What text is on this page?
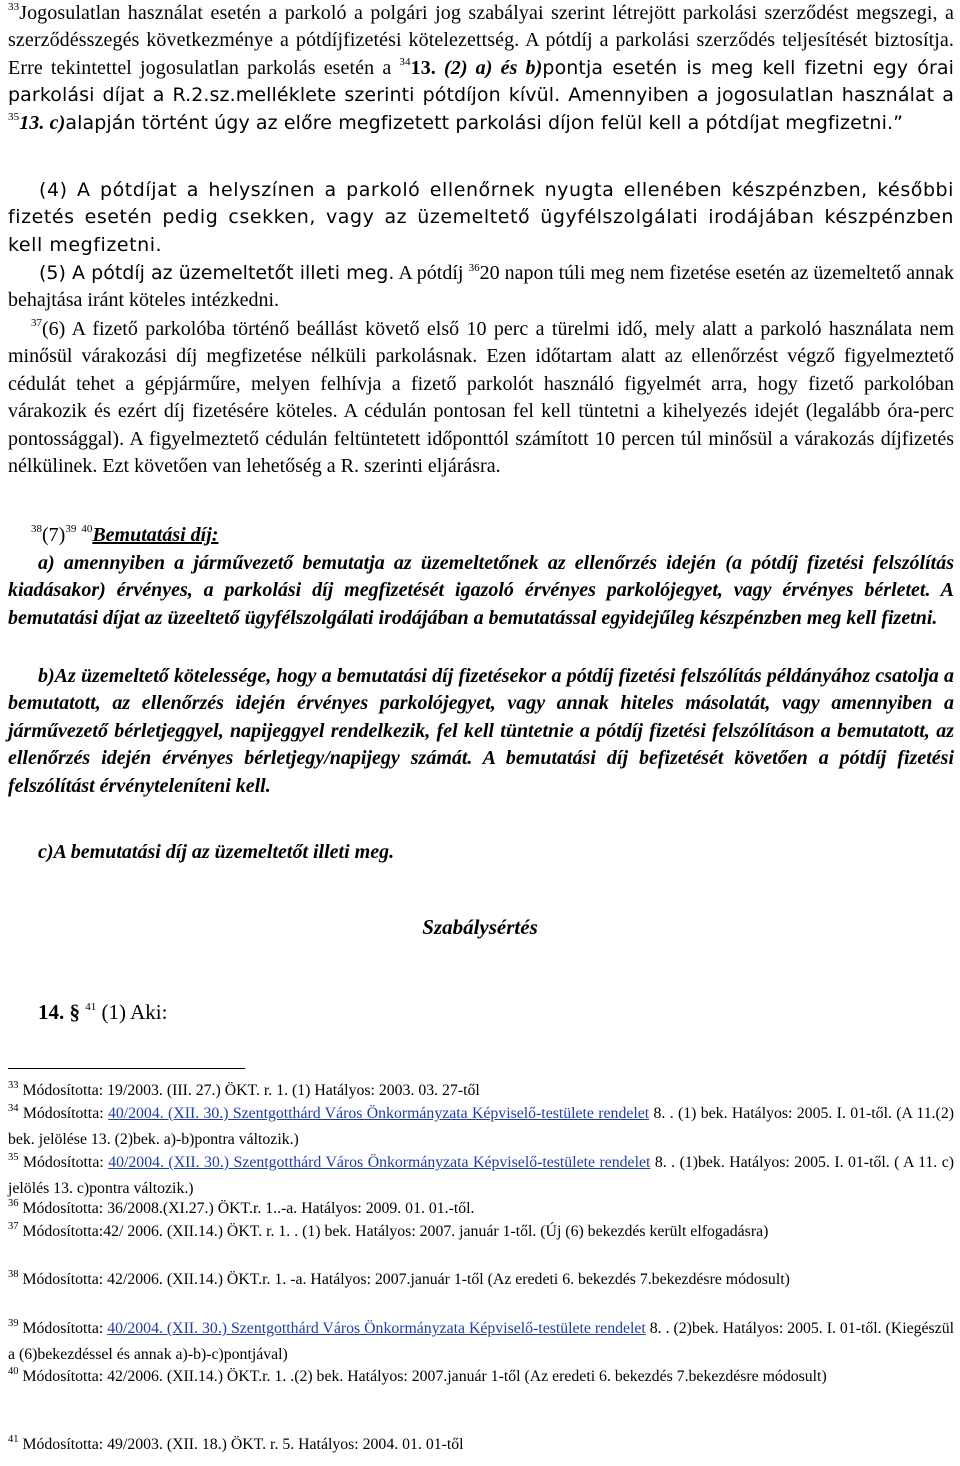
$^{33}$Jogosulatlan használat esetén a parkoló a polgári jog szabályai szerint létrejött parkolási szerződést megszegi, a szerződésszegés következménye a pótdíjfizetési kötelezettség. A pótdíj a parkolási szerződés teljesítését biztosítja. Erre tekintettel jogosulatlan parkolás esetén a $^{34}$13. (2) a) és b)pontja esetén is meg kell fizetni egy órai parkolási díjat a R.2.sz.melléklete szerinti pótdíjon kívül. Amennyiben a jogosulatlan használat a $^{35}$13. c)alapján történt úgy az előre megfizetett parkolási díjon felül kell a pótdíjat megfizetni.”
(4) A pótdíjat a helyszínen a parkoló ellenőrnek nyugta ellenében készpénzben, későbbi fizetés esetén pedig csekken, vagy az üzemeltető ügyfélszolgálati irodájában készpénzben kell megfizetni.
(5) A pótdíj az üzemeltetőt illeti meg. A pótdíj $^{36}$20 napon túli meg nem fizetése esetén az üzemeltető annak behajtása iránt köteles intézkedni.
$^{37}$(6) A fizető parkolóba történő beállást követő első 10 perc a türelmi idő, mely alatt a parkoló használata nem minősül várakozási díj megfizetése nélküli parkolásnak. Ezen időtartam alatt az ellenőrzést végző figyelmeztető cédulát tehet a gépjárműre, melyen felhívja a fizető parkolót használó figyelmét arra, hogy fizető parkolóban várakozik és ezért díj fizetésére köteles. A cédulán pontosan fel kell tüntetni a kihelyezés idejét (legalább óra-perc pontossággal). A figyelmeztető cédulán feltüntetett időponttól számított 10 percen túl minősül a várakozás díjfizetés nélkülinek. Ezt követően van lehetőség a R. szerinti eljárásra.
$^{38}(7)^{39}$ $^{40}$Bemutatási díj:
a) amennyiben a járművezető bemutatja az üzemeltetőnek az ellenőrzés idején (a pótdíj fizetési felszólítás kiadásakor) érvényes, a parkolási díj megfizetését igazoló érvényes parkolójegyet, vagy érvényes bérletet. A bemutatási díjat az üzeeltető ügyfélszolgálati irodájában a bemutatással egyidejűleg készpénzben meg kell fizetni.
b)Az üzemeltető kötelessége, hogy a bemutatási díj fizetésekor a pótdíj fizetési felszólítás példányához csatolja a bemutatott, az ellenőrzés idején érvényes parkolójegyet, vagy annak hiteles másolatát, vagy amennyiben a járművezető bérletjeggyel, napijeggyel rendelkezik, fel kell tüntetnie a pótdíj fizetési felszólításon a bemutatott, az ellenőrzés idején érvényes bérletjegy/napijegy számát. A bemutatási díj befizetését követően a pótdíj fizetési felszólítást érvényteleníteni kell.
c)A bemutatási díj az üzemeltetőt illeti meg.
Szabálysértés
14. § $^{41}$ (1) Aki:
$^{33}$ Módosította: 19/2003. (III. 27.) ÖKT. r. 1. (1) Hatályos: 2003. 03. 27-től
$^{34}$ Módosította: 40/2004. (XII. 30.) Szentgotthárd Város Önkormányzata Képviselő-testülete rendelet 8. . (1) bek. Hatályos: 2005. I. 01-től. (A 11.(2) bek. jelölése 13. (2)bek. a)-b)pontra változik.)
$^{35}$ Módosította: 40/2004. (XII. 30.) Szentgotthárd Város Önkormányzata Képviselő-testülete rendelet 8. . (1)bek. Hatályos: 2005. I. 01-től. ( A 11. c) jelölés 13. c)pontra változik.)
$^{36}$ Módosította: 36/2008.(XI.27.) ÖKT.r. 1..-a. Hatályos: 2009. 01. 01.-től.
$^{37}$ Módosította:42/ 2006. (XII.14.) ÖKT. r. 1. . (1) bek. Hatályos: 2007. január 1-től. (Új (6) bekezdés került elfogadásra)
$^{38}$ Módosította: 42/2006. (XII.14.) ÖKT.r. 1. -a. Hatályos: 2007.január 1-től (Az eredeti 6. bekezdés 7.bekezdésre módosult)
$^{39}$ Módosította: 40/2004. (XII. 30.) Szentgotthárd Város Önkormányzata Képviselő-testülete rendelet 8. . (2)bek. Hatályos: 2005. I. 01-től. (Kiegészül a (6)bekezdéssel és annak a)-b)-c)pontjával)
$^{40}$ Módosította: 42/2006. (XII.14.) ÖKT.r. 1. .(2) bek. Hatályos: 2007.január 1-től (Az eredeti 6. bekezdés 7.bekezdésre módosult)
$^{41}$ Módosította: 49/2003. (XII. 18.) ÖKT. r. 5. Hatályos: 2004. 01. 01-től
